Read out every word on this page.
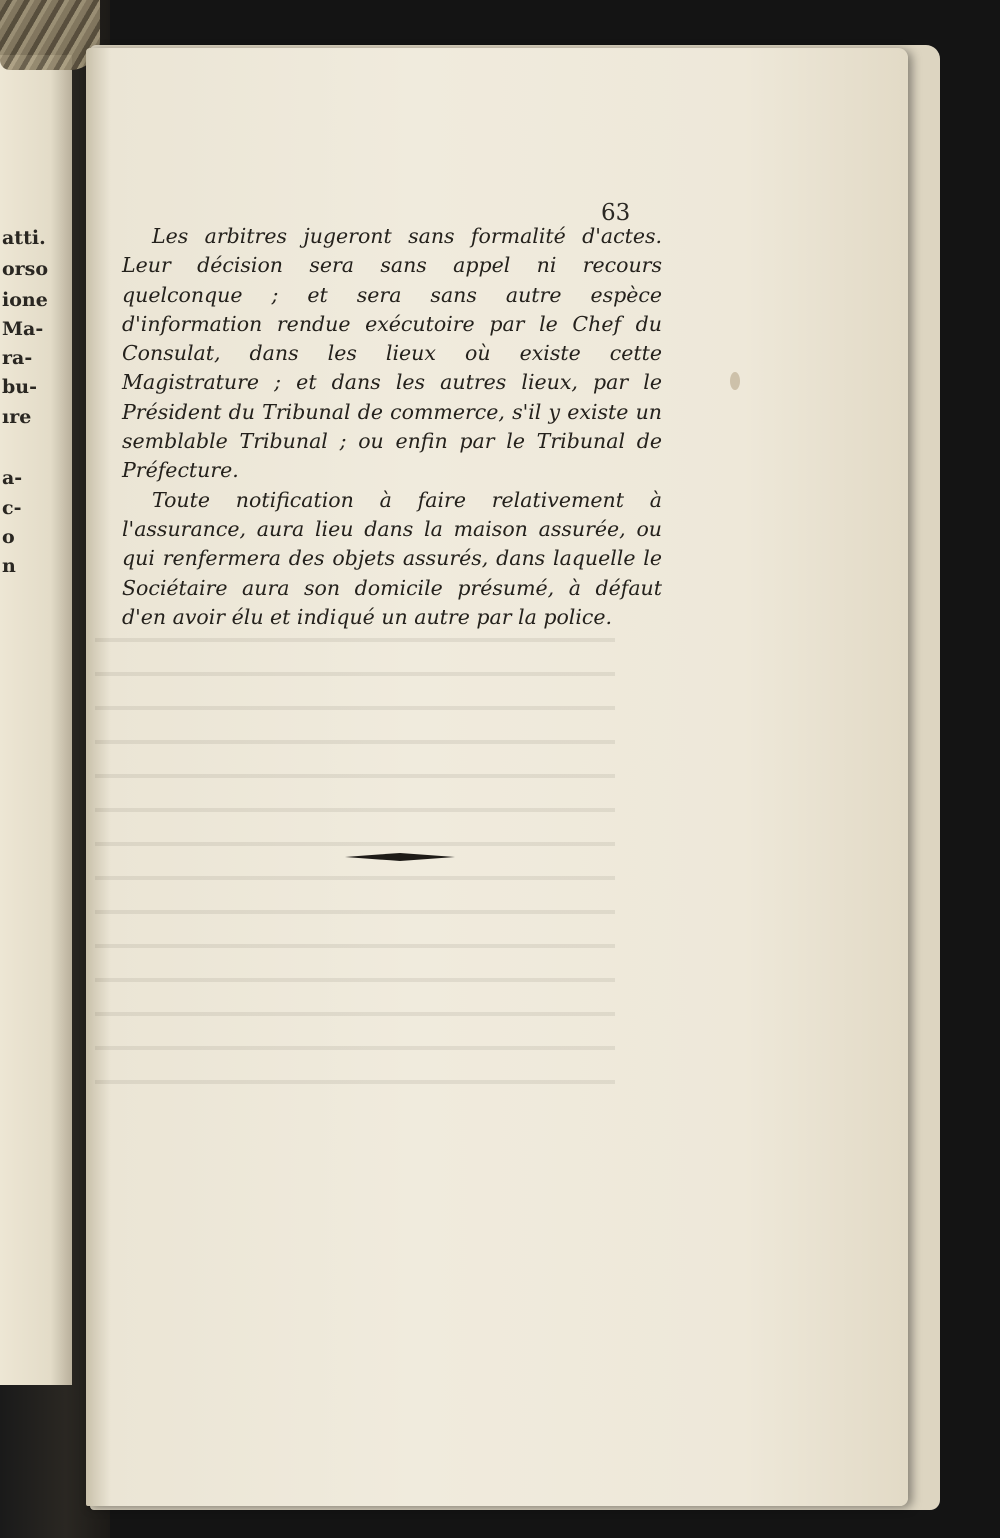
atti.
orso
ione
Ma-
ra-
bu-
ıre
a-
c-
o
n
63

Les arbitres jugeront sans formalité d'actes. Leur décision sera sans appel ni recours quelconque ; et sera sans autre espèce d'information rendue exécutoire par le Chef du Consulat, dans les lieux où existe cette Magistrature ; et dans les autres lieux, par le Président du Tribunal de commerce, s'il y existe un semblable Tribunal ; ou enfin par le Tribunal de Préfecture.

Toute notification à faire relativement à l'assurance, aura lieu dans la maison assurée, ou qui renfermera des objets assurés, dans laquelle le Sociétaire aura son domicile présumé, à défaut d'en avoir élu et indiqué un autre par la police.
